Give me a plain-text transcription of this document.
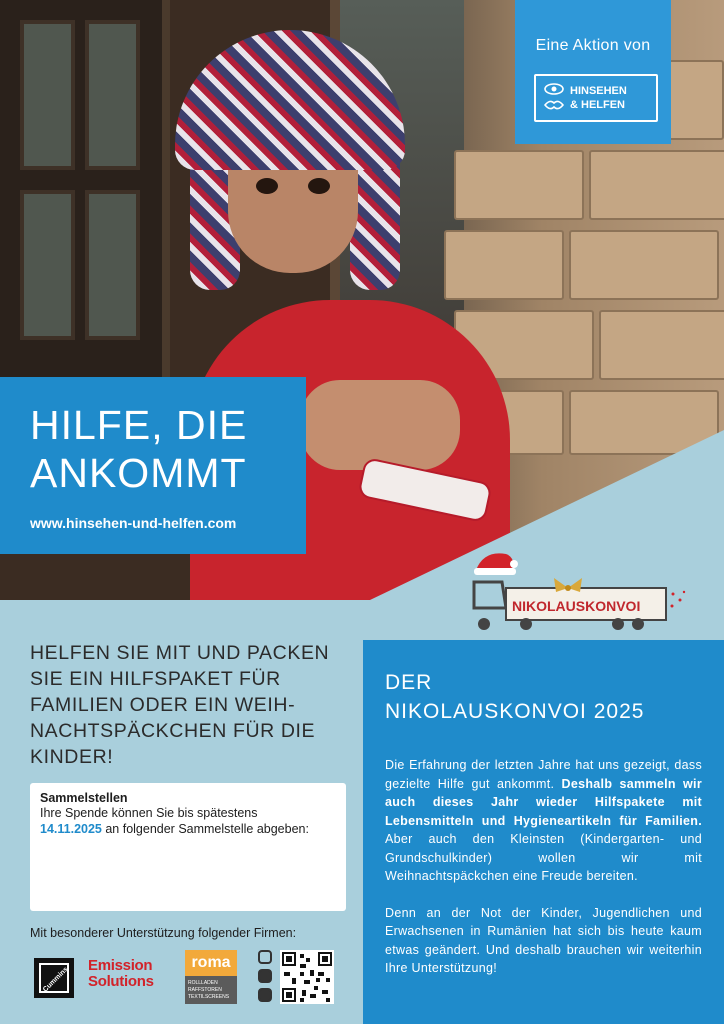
Eine Aktion von
HINSEHEN
& HELFEN
HILFE, DIE
ANKOMMT
www.hinsehen-und-helfen.com
NIKOLAUSKONVOI
HELFEN SIE MIT UND PACKEN SIE EIN HILFSPAKET FÜR FAMILIEN ODER EIN WEIH-NACHTSPÄCKCHEN FÜR DIE KINDER!
Sammelstellen
Ihre Spende können Sie bis spätestens
14.11.2025 an folgender Sammelstelle abgeben:
Mit besonderer Unterstützung folgender Firmen:
Cummins
Emission
Solutions
roma
ROLLLADEN RAFFSTOREN TEXTILSCREENS
DER
NIKOLAUSKONVOI 2025

Die Erfahrung der letzten Jahre hat uns gezeigt, dass gezielte Hilfe gut ankommt. Deshalb sammeln wir auch dieses Jahr wieder Hilfspakete mit Lebensmitteln und Hygieneartikeln für Familien. Aber auch den Kleinsten (Kindergarten- und Grundschulkinder) wollen wir mit Weihnachtspäckchen eine Freude bereiten.

Denn an der Not der Kinder, Jugendlichen und Erwachsenen in Rumänien hat sich bis heute kaum etwas geändert. Und deshalb brauchen wir weiterhin Ihre Unterstützung!
